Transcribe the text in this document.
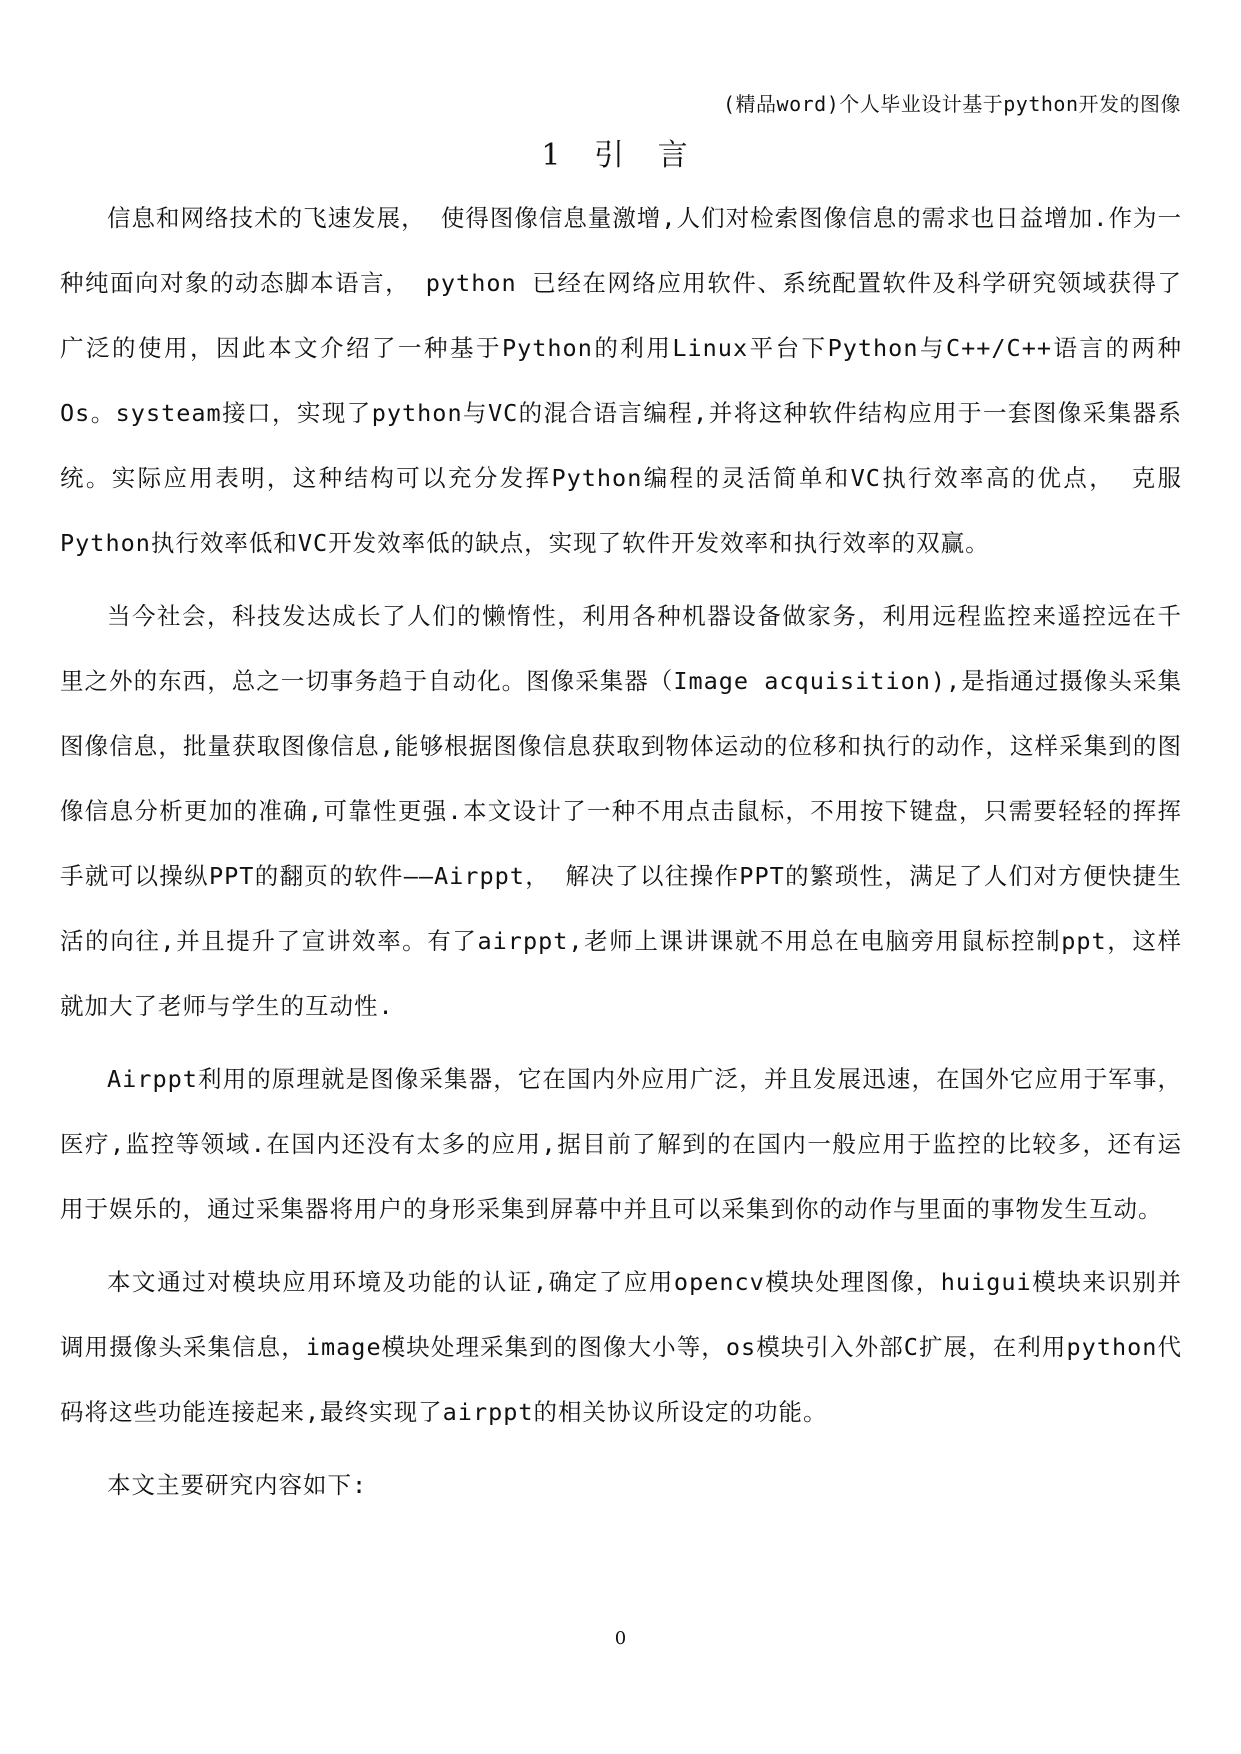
(精品word)个人毕业设计基于python开发的图像
1 引 言

信息和网络技术的飞速发展， 使得图像信息量激增,人们对检索图像信息的需求也日益增加.作为一种纯面向对象的动态脚本语言， python 已经在网络应用软件、系统配置软件及科学研究领域获得了广泛的使用，因此本文介绍了一种基于Python的利用Linux平台下Python与C++/C++语言的两种Os。systeam接口，实现了python与VC的混合语言编程,并将这种软件结构应用于一套图像采集器系统。实际应用表明，这种结构可以充分发挥Python编程的灵活简单和VC执行效率高的优点， 克服Python执行效率低和VC开发效率低的缺点，实现了软件开发效率和执行效率的双赢。

当今社会，科技发达成长了人们的懒惰性，利用各种机器设备做家务，利用远程监控来遥控远在千里之外的东西，总之一切事务趋于自动化。图像采集器（Image acquisition),是指通过摄像头采集图像信息，批量获取图像信息,能够根据图像信息获取到物体运动的位移和执行的动作，这样采集到的图像信息分析更加的准确,可靠性更强.本文设计了一种不用点击鼠标，不用按下键盘，只需要轻轻的挥挥手就可以操纵PPT的翻页的软件——Airppt， 解决了以往操作PPT的繁琐性，满足了人们对方便快捷生活的向往,并且提升了宣讲效率。有了airppt,老师上课讲课就不用总在电脑旁用鼠标控制ppt，这样就加大了老师与学生的互动性.

Airppt利用的原理就是图像采集器，它在国内外应用广泛，并且发展迅速，在国外它应用于军事，医疗,监控等领域.在国内还没有太多的应用,据目前了解到的在国内一般应用于监控的比较多，还有运用于娱乐的，通过采集器将用户的身形采集到屏幕中并且可以采集到你的动作与里面的事物发生互动。

本文通过对模块应用环境及功能的认证,确定了应用opencv模块处理图像，huigui模块来识别并调用摄像头采集信息，image模块处理采集到的图像大小等，os模块引入外部C扩展，在利用python代码将这些功能连接起来,最终实现了airppt的相关协议所设定的功能。

本文主要研究内容如下:

0
